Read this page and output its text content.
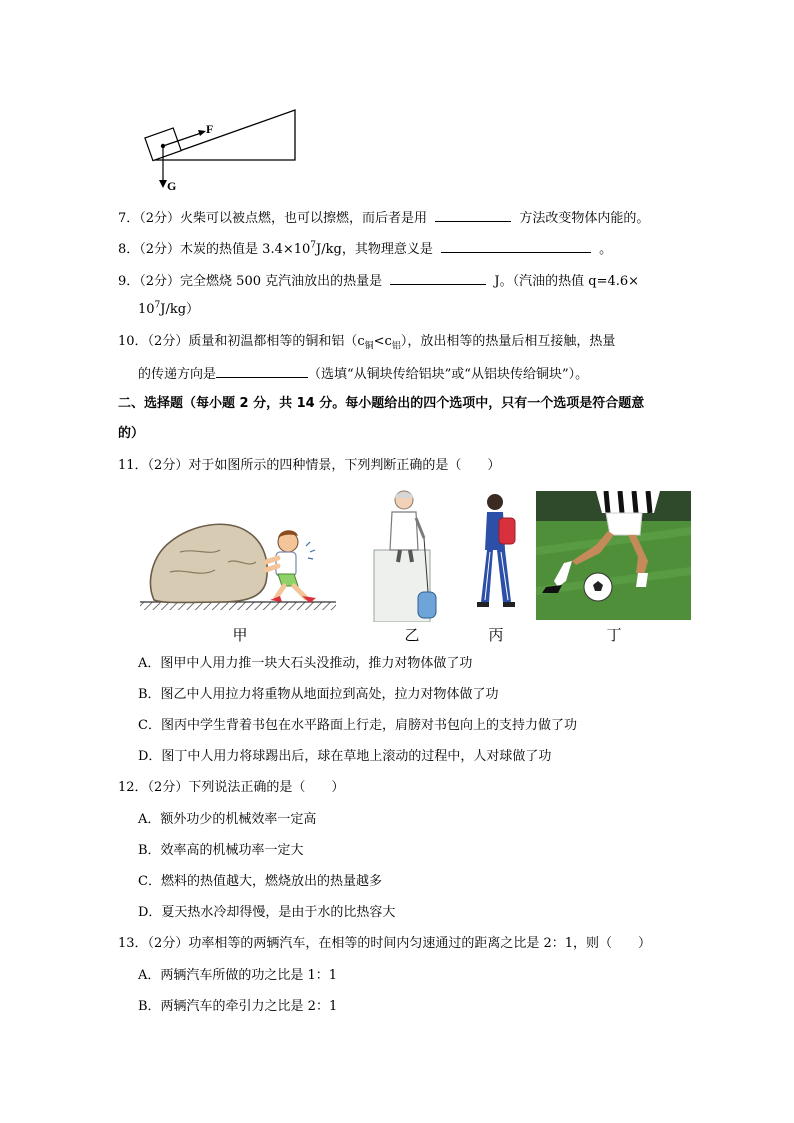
F
G
7．（2分）火柴可以被点燃，也可以擦燃，而后者是用	方法改变物体内能的。
8．（2分）木炭的热值是 $3.4\times 10^7J/kg$，其物理意义是	。
9．（2分）完全燃烧 500 克汽油放出的热量是	J。（汽油的热值 q=4.6×
$10^7J/kg$）
10．（2分）质量和初温都相等的铜和铝$(c_铜<c_铝)$，放出相等的热量后相互接触，热量
的传递方向是	（选填“从铜块传给铝块”或“从铝块传给铜块”）。
二、选择题（每小题 2 分，共 14 分。每小题给出的四个选项中，只有一个选项是符合题意
的）
11．（2分）对于如图所示的四种情景，下列判断正确的是（　　）
甲	乙	丙	丁
A．图甲中人用力推一块大石头没推动，推力对物体做了功
B．图乙中人用拉力将重物从地面拉到高处，拉力对物体做了功
C．图丙中学生背着书包在水平路面上行走，肩膀对书包向上的支持力做了功
D．图丁中人用力将球踢出后，球在草地上滚动的过程中，人对球做了功
12．（2分）下列说法正确的是（　　）
A．额外功少的机械效率一定高
B．效率高的机械功率一定大
C．燃料的热值越大，燃烧放出的热量越多
D．夏天热水冷却得慢，是由于水的比热容大
13．（2分）功率相等的两辆汽车，在相等的时间内匀速通过的距离之比是 2：1，则（　　）
A．两辆汽车所做的功之比是 1：1
B．两辆汽车的牵引力之比是 2：1
